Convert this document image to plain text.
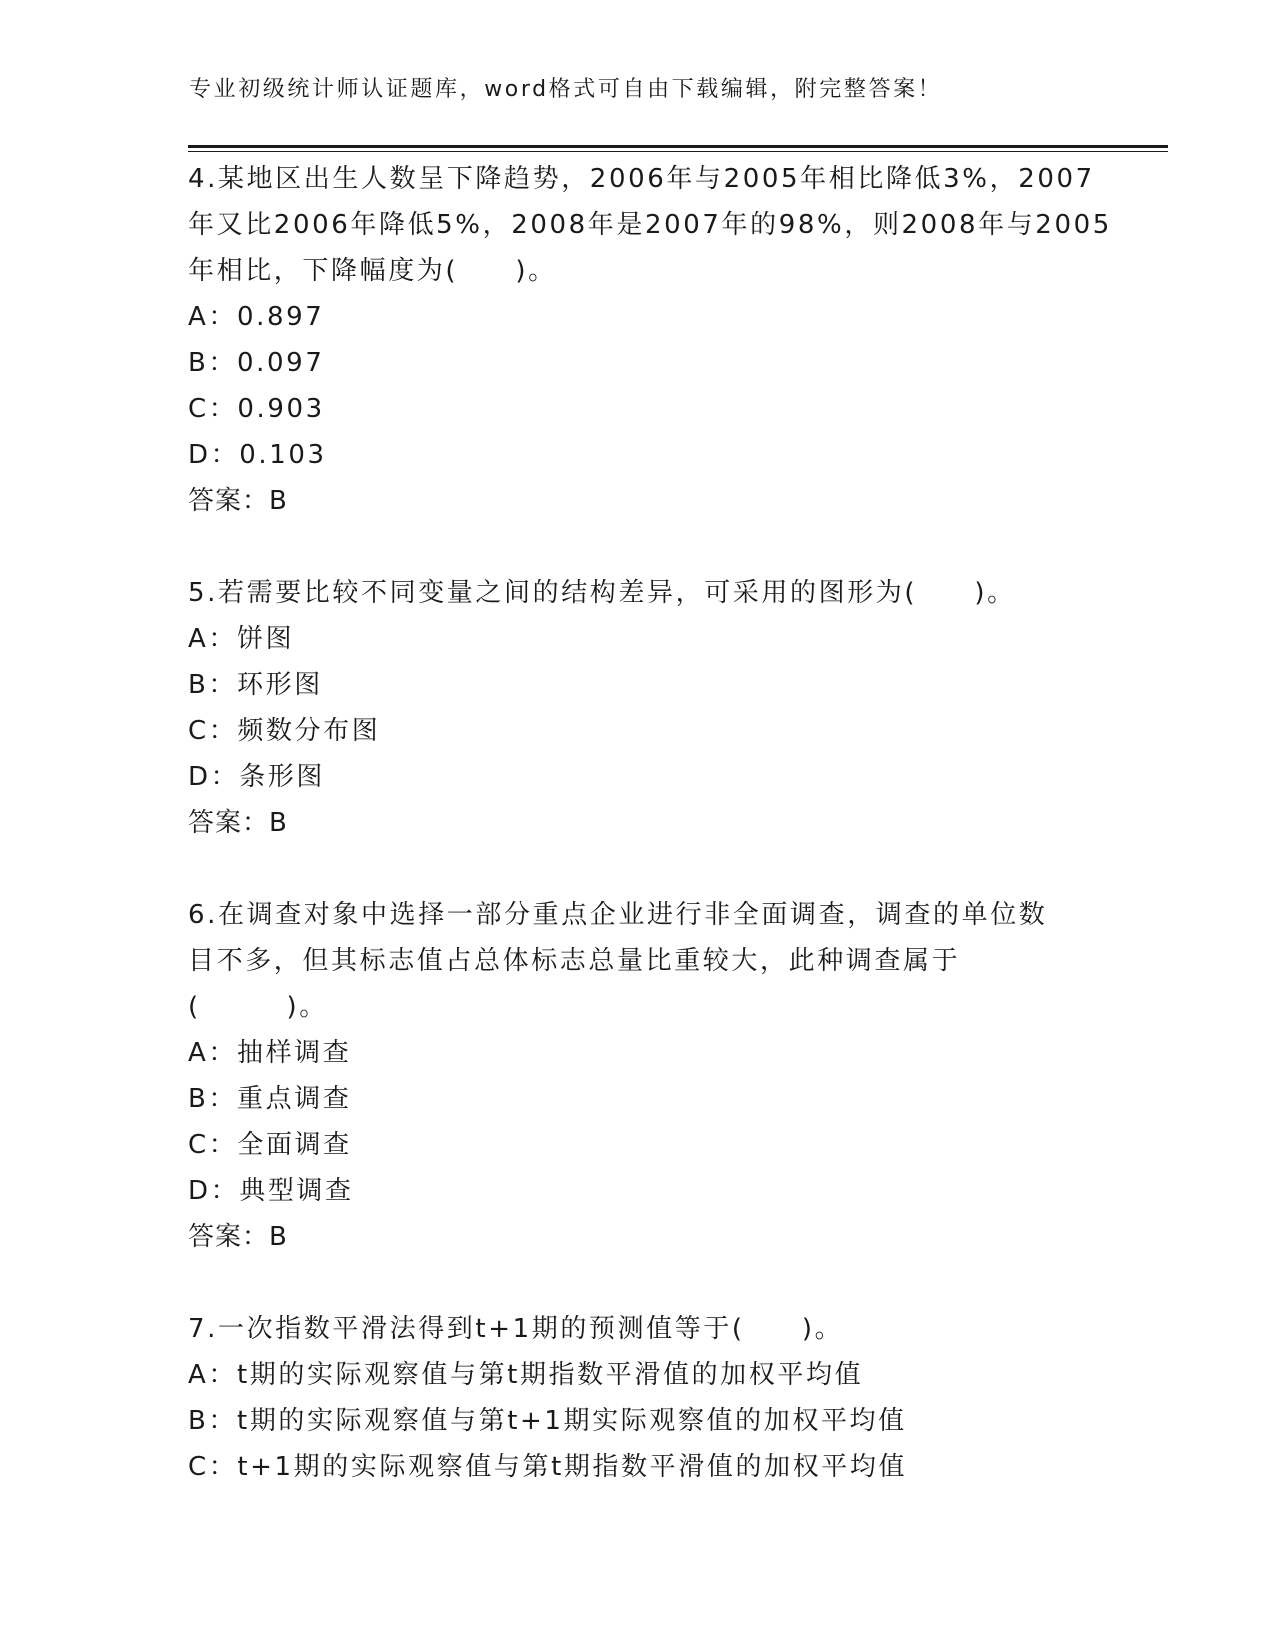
专业初级统计师认证题库，word格式可自由下载编辑，附完整答案！
4.某地区出生人数呈下降趋势，2006年与2005年相比降低3%，2007
年又比2006年降低5%，2008年是2007年的98%，则2008年与2005
年相比，下降幅度为(　　)。
A：0.897
B：0.097
C：0.903
D：0.103
答案：B
5.若需要比较不同变量之间的结构差异，可采用的图形为(　　)。
A：饼图
B：环形图
C：频数分布图
D：条形图
答案：B
6.在调查对象中选择一部分重点企业进行非全面调查，调查的单位数
目不多，但其标志值占总体标志总量比重较大，此种调查属于
(　　　)。
A：抽样调查
B：重点调查
C：全面调查
D：典型调查
答案：B
7.一次指数平滑法得到t+1期的预测值等于(　　)。
A：t期的实际观察值与第t期指数平滑值的加权平均值
B：t期的实际观察值与第t+1期实际观察值的加权平均值
C：t+1期的实际观察值与第t期指数平滑值的加权平均值
